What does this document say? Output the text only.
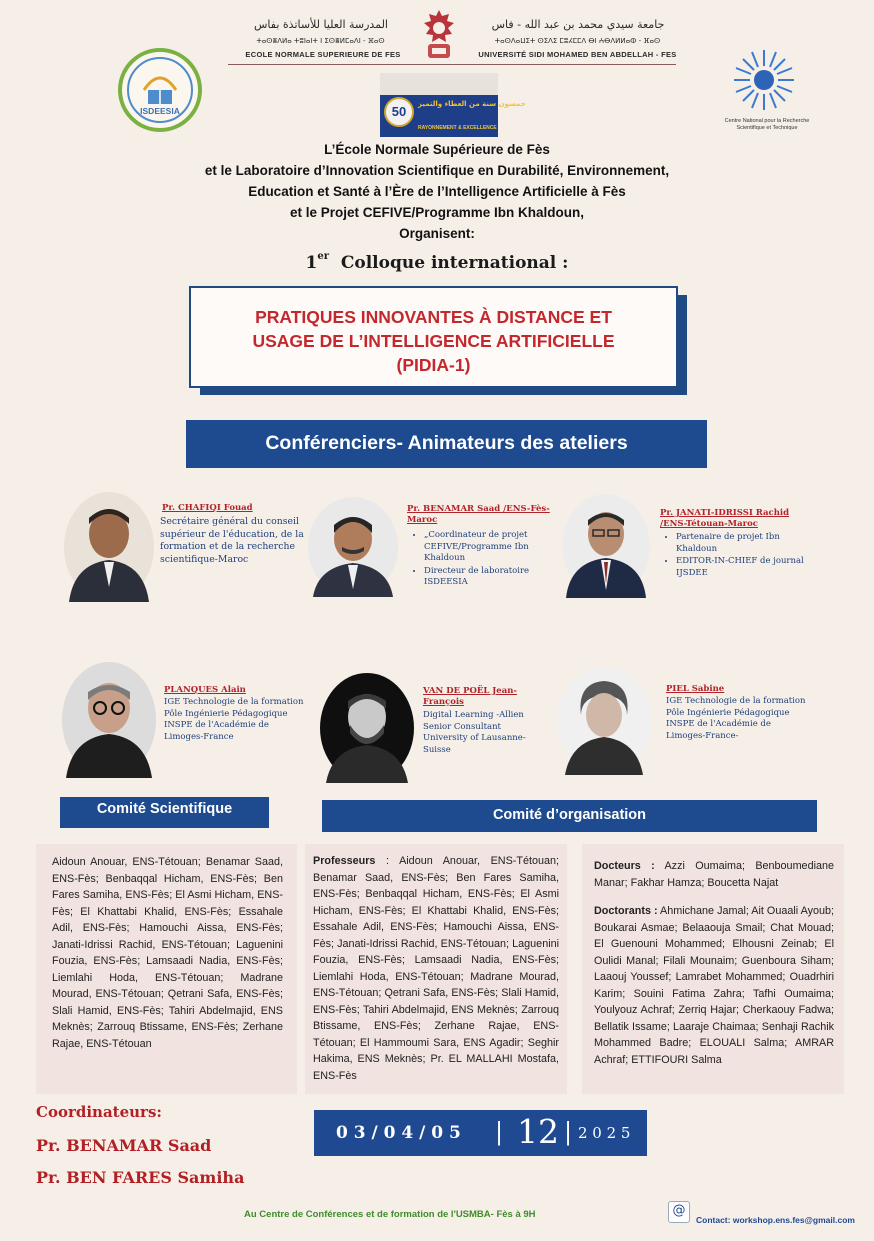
المدرسة العليا للأساتذة بفاس
ⵜⴰⵙⴻⴷⵍⴰ ⵜⵓⵏⴰⵏⵜ ⵏ ⵉⵙⴻⵍⵎⴰⴷⵏ - ⴼⴰⵙ
ECOLE NORMALE SUPERIEURE DE FES
جامعة سيدي محمد بن عبد الله - فاس
ⵜⴰⵙⴷⴰⵡⵉⵜ ⵙⵉⴷⵉ ⵎⵓⵃⵎⵎⴷ ⴱⵏ ⵄⴱⴷⵍⵍⴰⵀ - ⴼⴰⵙ
UNIVERSITÉ SIDI MOHAMED BEN ABDELLAH - FES
ISDEESIA	50	خمسون سنة من العطاء والتميز
RAYONNEMENT & EXCELLENCE
Centre National pour la Recherche Scientifique et Technique
L’École Normale Supérieure de Fès
et le Laboratoire d’Innovation Scientifique en Durabilité, Environnement,
Education et Santé à l’Ère de l’Intelligence Artificielle à Fès
et le Projet CEFIVE/Programme Ibn Khaldoun,
Organisent:
1er Colloque international :
PRATIQUES INNOVANTES À DISTANCE ET
USAGE DE L’INTELLIGENCE ARTIFICIELLE
(PIDIA-1)
Conférenciers- Animateurs des ateliers
Pr. CHAFIQI Fouad
Secrétaire général du conseil supérieur de l'éducation, de la formation et de la recherche scientifique-Maroc
Pr. BENAMAR Saad /ENS-Fès-
Maroc
• „Coordinateur de projet CEFIVE/Programme Ibn Khaldoun
• Directeur de laboratoire ISDEESIA
Pr. JANATI-IDRISSI Rachid
/ENS-Tétouan-Maroc
• Partenaire de projet Ibn Khaldoun
• EDITOR-IN-CHIEF de journal IJSDEE
PLANQUES Alain
IGE Technologie de la formation
Pôle Ingénierie Pédagogique
INSPE de l'Académie de Limoges-France
VAN DE POËL Jean-
François
Digital Learning -Allien Senior Consultant
University of Lausanne-Suisse
PIEL Sabine
IGE Technologie de la formation
Pôle Ingénierie Pédagogique
INSPE de l'Académie de Limoges-France-
Comité Scientifique	Comité d’organisation
Aidoun Anouar, ENS-Tétouan; Benamar Saad, ENS-Fès; Benbaqqal Hicham, ENS-Fès; Ben Fares Samiha, ENS-Fès; El Asmi Hicham, ENS-Fès; El Khattabi Khalid, ENS-Fès; Essahale Adil, ENS-Fès; Hamouchi Aissa, ENS-Fès; Janati-Idrissi Rachid, ENS-Tétouan; Laguenini Fouzia, ENS-Fès; Lamsaadi Nadia, ENS-Fès; Liemlahi Hoda, ENS-Tétouan; Madrane Mourad, ENS-Tétouan; Qetrani Safa, ENS-Fès; Slali Hamid, ENS-Fès; Tahiri Abdelmajid, ENS Meknès; Zarrouq Btissame, ENS-Fès; Zerhane Rajae, ENS-Tétouan
Professeurs : Aidoun Anouar, ENS-Tétouan; Benamar Saad, ENS-Fès; Ben Fares Samiha, ENS-Fès; Benbaqqal Hicham, ENS-Fès; El Asmi Hicham, ENS-Fès; El Khattabi Khalid, ENS-Fès; Essahale Adil, ENS-Fès; Hamouchi Aissa, ENS-Fès; Janati-Idrissi Rachid, ENS-Tétouan; Laguenini Fouzia, ENS-Fès; Lamsaadi Nadia, ENS-Fès; Liemlahi Hoda, ENS-Tétouan; Madrane Mourad, ENS-Tétouan; Qetrani Safa, ENS-Fès; Slali Hamid, ENS-Fès; Tahiri Abdelmajid, ENS Meknès; Zarrouq Btissame, ENS-Fès; Zerhane Rajae, ENS-Tétouan; El Hammoumi Sara, ENS Agadir; Seghir Hakima, ENS Meknès; Pr. EL MALLAHI Mostafa, ENS-Fès
Docteurs : Azzi Oumaima; Benboumediane Manar; Fakhar Hamza; Boucetta Najat
Doctorants : Ahmichane Jamal; Ait Ouaali Ayoub; Boukarai Asmae; Belaaouja Smail; Chat Mouad; El Guenouni Mohammed; Elhousni Zeinab; El Oulidi Manal; Filali Mounaim; Guenboura Siham; Laaouj Youssef; Lamrabet Mohammed; Ouadrhiri Karim; Souini Fatima Zahra; Tafhi Oumaima; Youlyouz Achraf; Zerriq Hajar; Cherkaouy Fadwa; Bellatik Issame; Laaraje Chaimaa; Senhaji Rachik Mohammed Badre; ELOUALI Salma; AMRAR Achraf; ETTIFOURI Salma
Coordinateurs:
Pr. BENAMAR Saad
Pr. BEN FARES Samiha
0 3 / 0 4 / 0 5 | 12 | 2 0 2 5
Au Centre de Conférences et de formation de l'USMBA- Fès à 9H	@
Contact: workshop.ens.fes@gmail.com
